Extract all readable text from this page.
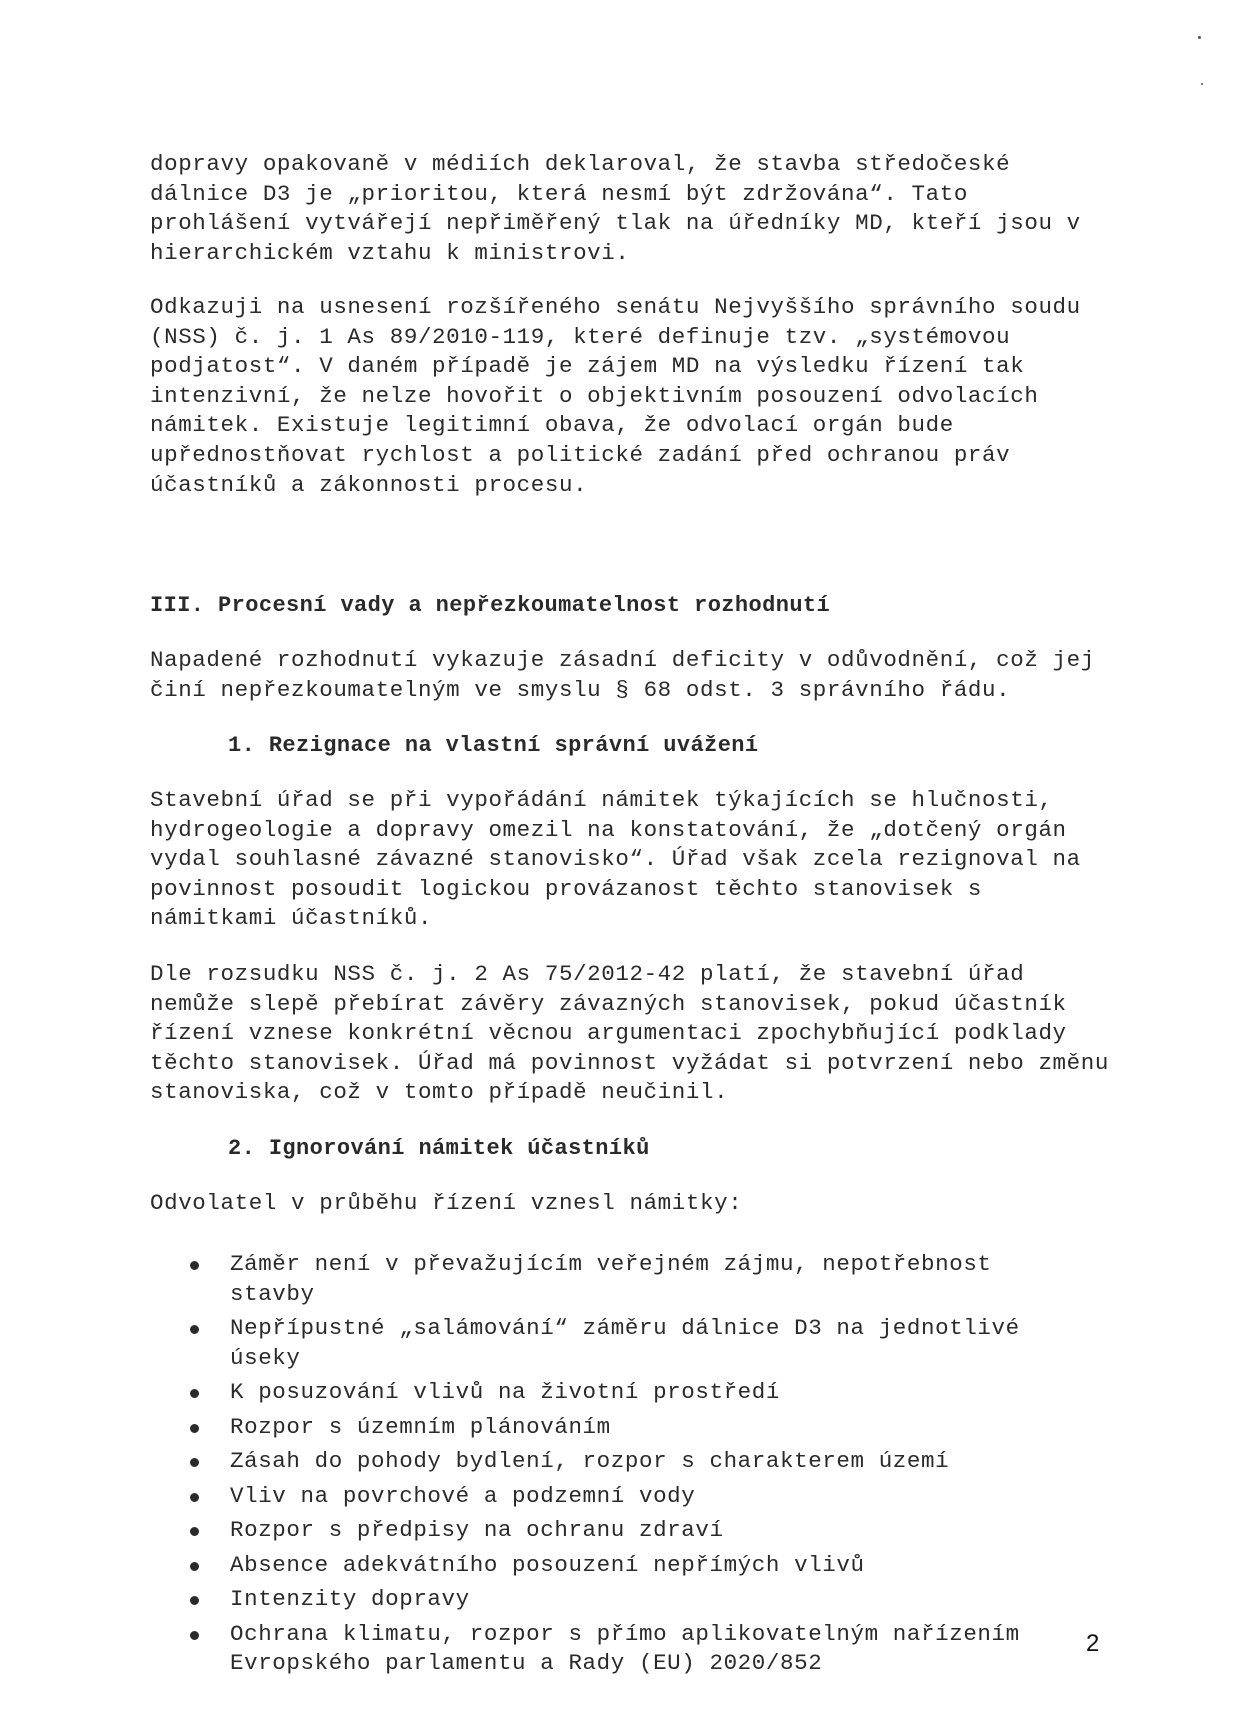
dopravy opakovaně v médiích deklaroval, že stavba středočeské
dálnice D3 je „prioritou, která nesmí být zdržována“. Tato
prohlášení vytvářejí nepřiměřený tlak na úředníky MD, kteří jsou v
hierarchickém vztahu k ministrovi.

Odkazuji na usnesení rozšířeného senátu Nejvyššího správního soudu
(NSS) č. j. 1 As 89/2010-119, které definuje tzv. „systémovou
podjatost“. V daném případě je zájem MD na výsledku řízení tak
intenzivní, že nelze hovořit o objektivním posouzení odvolacích
námitek. Existuje legitimní obava, že odvolací orgán bude
upřednostňovat rychlost a politické zadání před ochranou práv
účastníků a zákonnosti procesu.

III. Procesní vady a nepřezkoumatelnost rozhodnutí

Napadené rozhodnutí vykazuje zásadní deficity v odůvodnění, což jej
činí nepřezkoumatelným ve smyslu § 68 odst. 3 správního řádu.

1. Rezignace na vlastní správní uvážení

Stavební úřad se při vypořádání námitek týkajících se hlučnosti,
hydrogeologie a dopravy omezil na konstatování, že „dotčený orgán
vydal souhlasné závazné stanovisko“. Úřad však zcela rezignoval na
povinnost posoudit logickou provázanost těchto stanovisek s
námitkami účastníků.

Dle rozsudku NSS č. j. 2 As 75/2012-42 platí, že stavební úřad
nemůže slepě přebírat závěry závazných stanovisek, pokud účastník
řízení vznese konkrétní věcnou argumentaci zpochybňující podklady
těchto stanovisek. Úřad má povinnost vyžádat si potvrzení nebo změnu
stanoviska, což v tomto případě neučinil.

2. Ignorování námitek účastníků

Odvolatel v průběhu řízení vznesl námitky:

Záměr není v převažujícím veřejném zájmu, nepotřebnost stavby
Nepřípustné „salámování“ záměru dálnice D3 na jednotlivé úseky
K posuzování vlivů na životní prostředí
Rozpor s územním plánováním
Zásah do pohody bydlení, rozpor s charakterem území
Vliv na povrchové a podzemní vody
Rozpor s předpisy na ochranu zdraví
Absence adekvátního posouzení nepřímých vlivů
Intenzity dopravy
Ochrana klimatu, rozpor s přímo aplikovatelným nařízením
Evropského parlamentu a Rady (EU) 2020/852
2
